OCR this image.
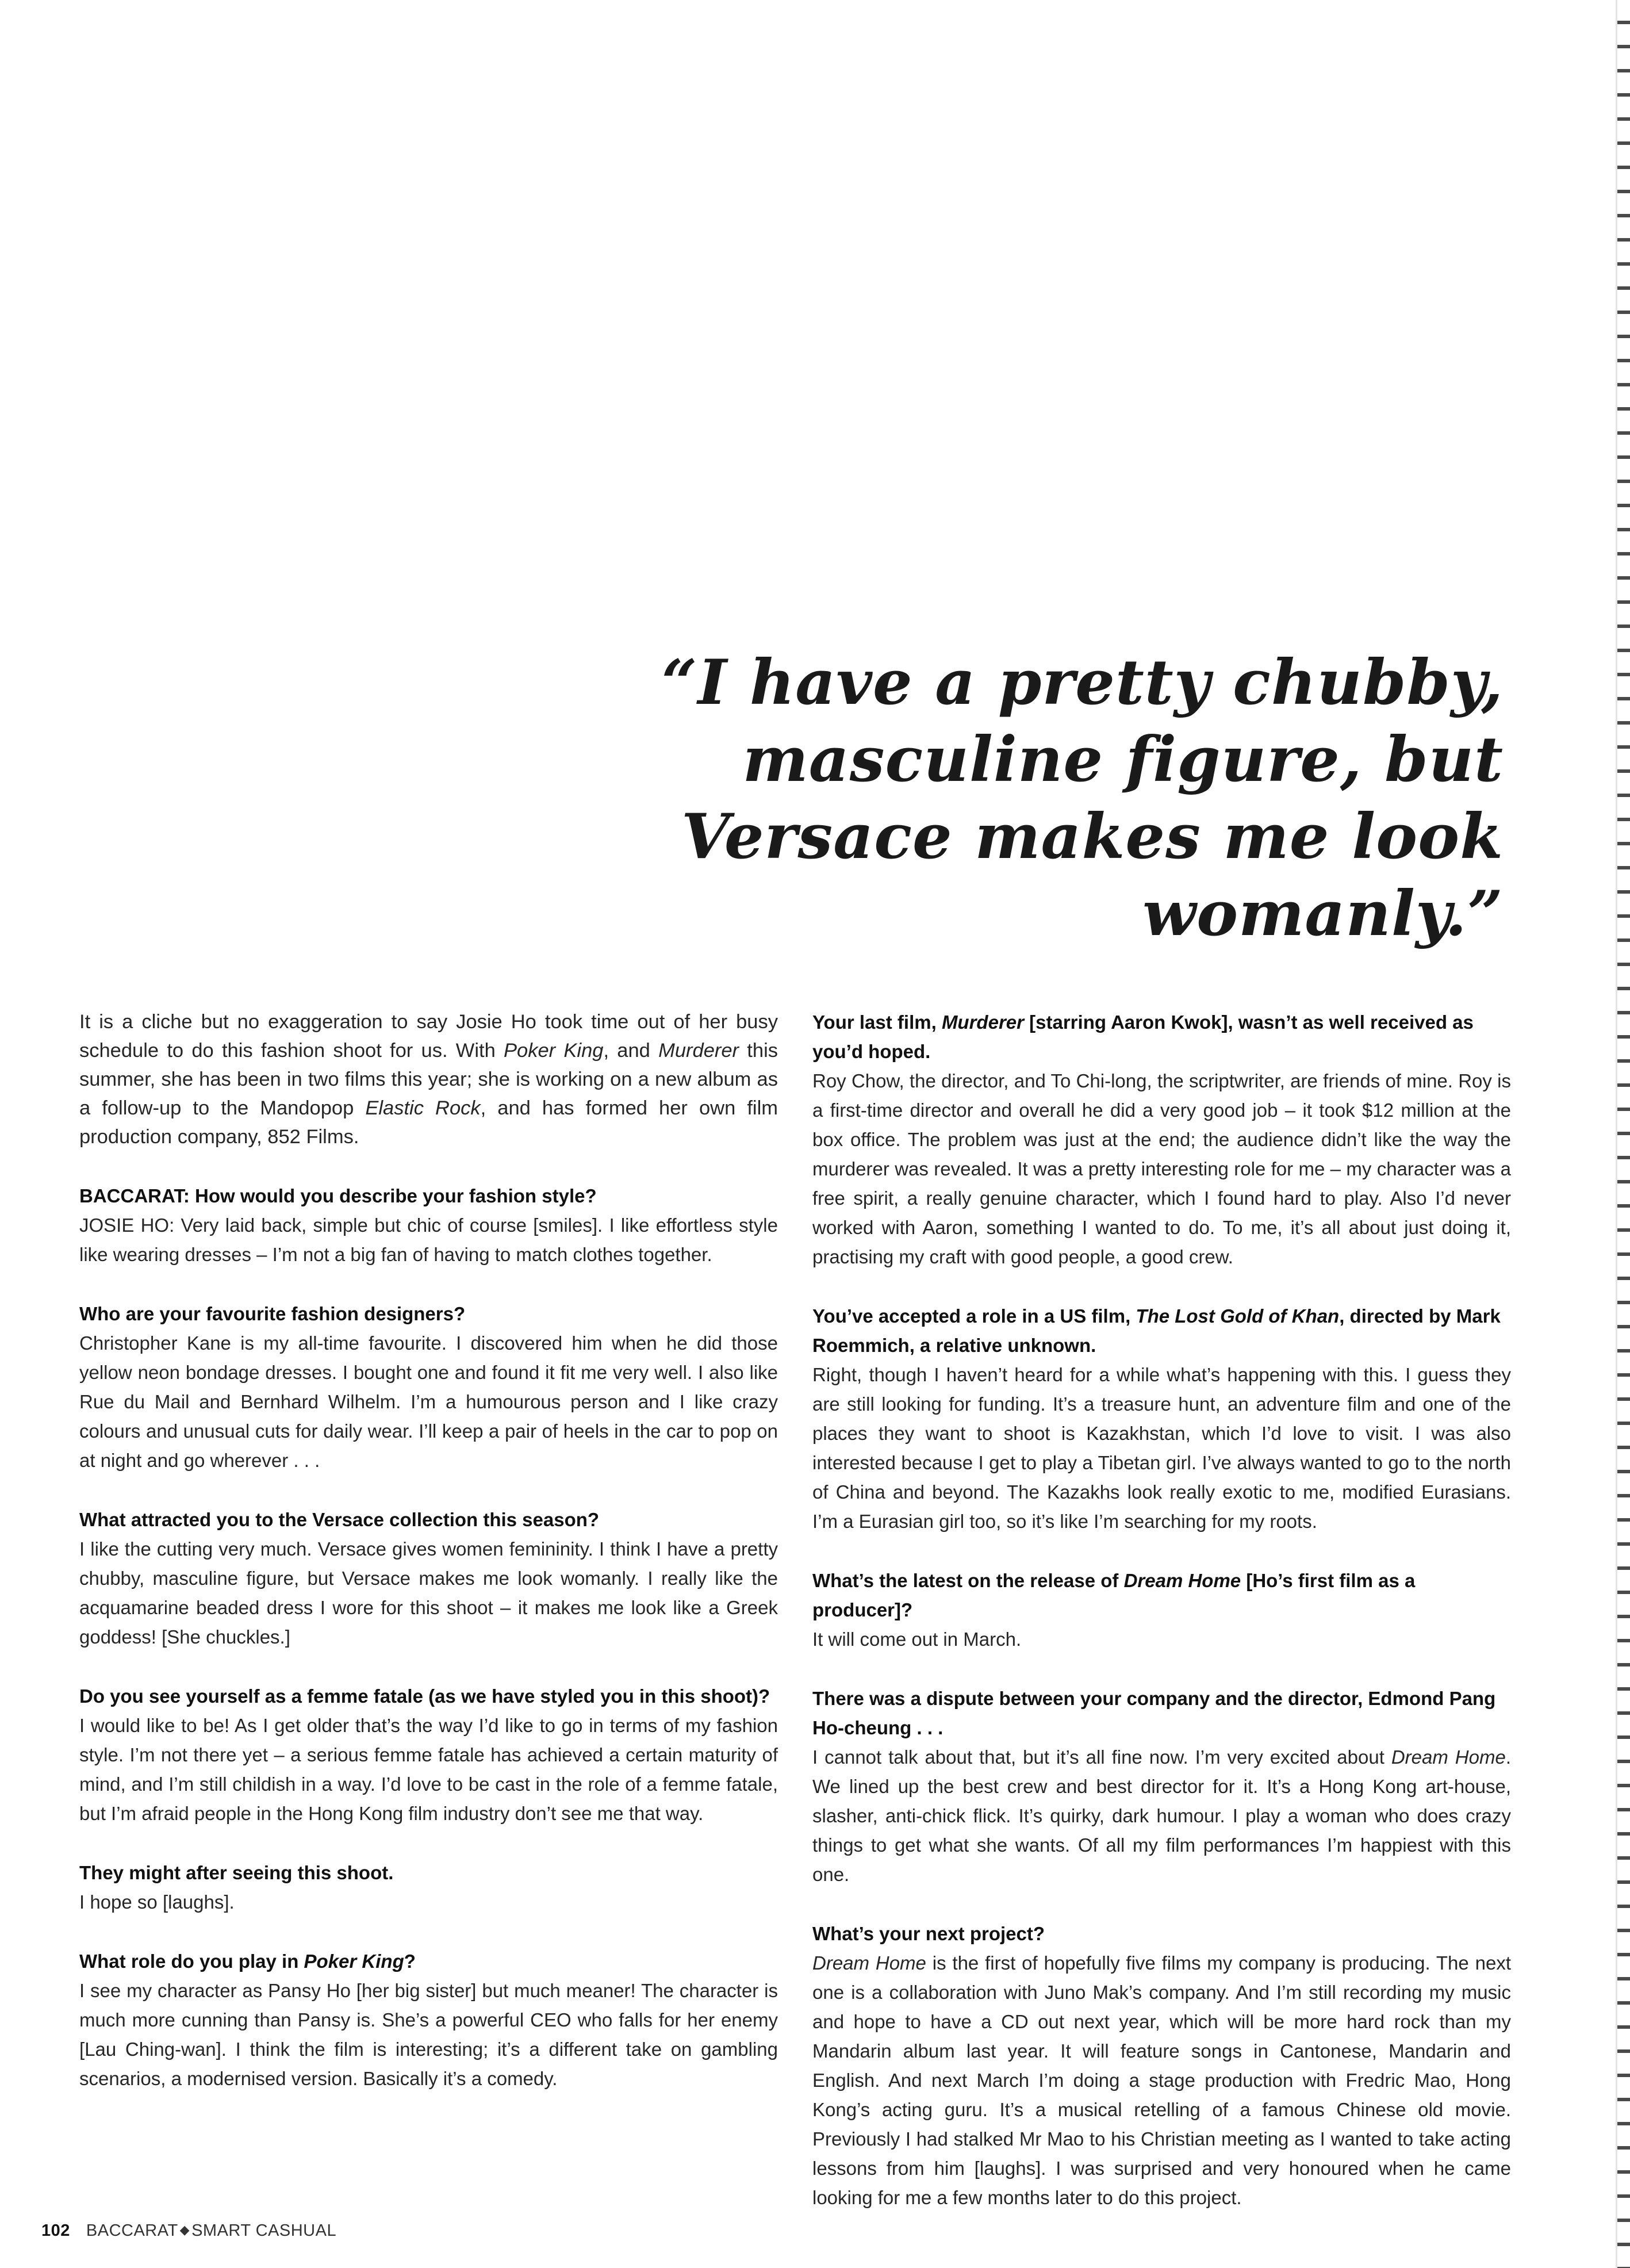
“I have a pretty chubby,
masculine figure, but
Versace makes me look
womanly.”

It is a cliche but no exaggeration to say Josie Ho took time out of her busy schedule to do this fashion shoot for us. With Poker King, and Murderer this summer, she has been in two films this year; she is working on a new album as a follow-up to the Mandopop Elastic Rock, and has formed her own film production company, 852 Films.

BACCARAT: How would you describe your fashion style?

JOSIE HO: Very laid back, simple but chic of course [smiles]. I like effortless style like wearing dresses – I’m not a big fan of having to match clothes together.

Who are your favourite fashion designers?

Christopher Kane is my all-time favourite. I discovered him when he did those yellow neon bondage dresses. I bought one and found it fit me very well. I also like Rue du Mail and Bernhard Wilhelm. I’m a humourous person and I like crazy colours and unusual cuts for daily wear. I’ll keep a pair of heels in the car to pop on at night and go wherever . . .

What attracted you to the Versace collection this season?

I like the cutting very much. Versace gives women femininity. I think I have a pretty chubby, masculine figure, but Versace makes me look womanly. I really like the acquamarine beaded dress I wore for this shoot – it makes me look like a Greek goddess! [She chuckles.]

Do you see yourself as a femme fatale (as we have styled you in this shoot)?

I would like to be! As I get older that’s the way I’d like to go in terms of my fashion style. I’m not there yet – a serious femme fatale has achieved a certain maturity of mind, and I’m still childish in a way. I’d love to be cast in the role of a femme fatale, but I’m afraid people in the Hong Kong film industry don’t see me that way.

They might after seeing this shoot.

I hope so [laughs].

What role do you play in Poker King?

I see my character as Pansy Ho [her big sister] but much meaner! The character is much more cunning than Pansy is. She’s a powerful CEO who falls for her enemy [Lau Ching-wan]. I think the film is interesting; it’s a different take on gambling scenarios, a modernised version. Basically it’s a comedy.

Your last film, Murderer [starring Aaron Kwok], wasn’t as well received as you’d hoped.

Roy Chow, the director, and To Chi-long, the scriptwriter, are friends of mine. Roy is a first-time director and overall he did a very good job – it took $12 million at the box office. The problem was just at the end; the audience didn’t like the way the murderer was revealed. It was a pretty interesting role for me – my character was a free spirit, a really genuine character, which I found hard to play. Also I’d never worked with Aaron, something I wanted to do. To me, it’s all about just doing it, practising my craft with good people, a good crew.

You’ve accepted a role in a US film, The Lost Gold of Khan, directed by Mark Roemmich, a relative unknown.

Right, though I haven’t heard for a while what’s happening with this. I guess they are still looking for funding. It’s a treasure hunt, an adventure film and one of the places they want to shoot is Kazakhstan, which I’d love to visit. I was also interested because I get to play a Tibetan girl. I’ve always wanted to go to the north of China and beyond. The Kazakhs look really exotic to me, modified Eurasians. I’m a Eurasian girl too, so it’s like I’m searching for my roots.

What’s the latest on the release of Dream Home [Ho’s first film as a producer]?

It will come out in March.

There was a dispute between your company and the director, Edmond Pang Ho-cheung . . .

I cannot talk about that, but it’s all fine now. I’m very excited about Dream Home. We lined up the best crew and best director for it. It’s a Hong Kong art-house, slasher, anti-chick flick. It’s quirky, dark humour. I play a woman who does crazy things to get what she wants. Of all my film performances I’m happiest with this one.

What’s your next project?

Dream Home is the first of hopefully five films my company is producing. The next one is a collaboration with Juno Mak’s company. And I’m still recording my music and hope to have a CD out next year, which will be more hard rock than my Mandarin album last year. It will feature songs in Cantonese, Mandarin and English. And next March I’m doing a stage production with Fredric Mao, Hong Kong’s acting guru. It’s a musical retelling of a famous Chinese old movie. Previously I had stalked Mr Mao to his Christian meeting as I wanted to take acting lessons from him [laughs]. I was surprised and very honoured when he came looking for me a few months later to do this project.

102 BACCARAT ◆ SMART CASHUAL
